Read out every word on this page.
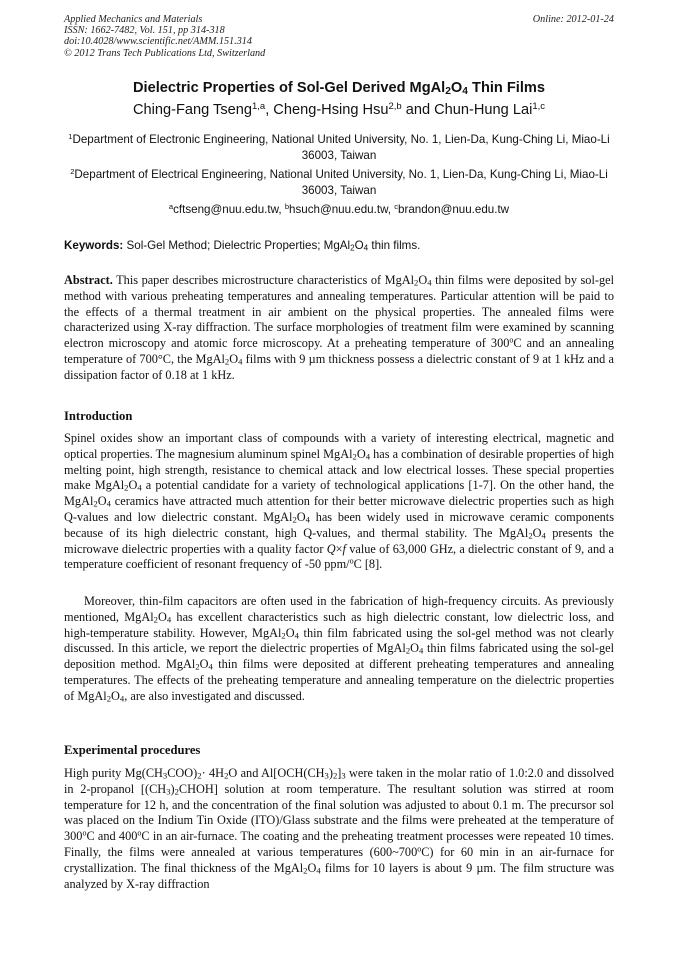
Applied Mechanics and Materials
ISSN: 1662-7482, Vol. 151, pp 314-318
doi:10.4028/www.scientific.net/AMM.151.314
© 2012 Trans Tech Publications Ltd, Switzerland
Online: 2012-01-24
Dielectric Properties of Sol-Gel Derived $MgAl_2O_4$ Thin Films
Ching-Fang Tseng$^{1,a}$, Cheng-Hsing Hsu$^{2,b}$ and Chun-Hung Lai$^{1,c}$
$^1$Department of Electronic Engineering, National United University, No. 1, Lien-Da, Kung-Ching Li, Miao-Li 36003, Taiwan
$^2$Department of Electrical Engineering, National United University, No. 1, Lien-Da, Kung-Ching Li, Miao-Li 36003, Taiwan
$^a$cftseng@nuu.edu.tw, $^b$hsuch@nuu.edu.tw, $^c$brandon@nuu.edu.tw
Keywords: Sol-Gel Method; Dielectric Properties; $MgAl_2O_4$ thin films.
Abstract. This paper describes microstructure characteristics of $MgAl_2O_4$ thin films were deposited by sol-gel method with various preheating temperatures and annealing temperatures. Particular attention will be paid to the effects of a thermal treatment in air ambient on the physical properties. The annealed films were characterized using X-ray diffraction. The surface morphologies of treatment film were examined by scanning electron microscopy and atomic force microscopy. At a preheating temperature of 300$^o$C and an annealing temperature of 700°C, the $MgAl_2O_4$ films with 9 µm thickness possess a dielectric constant of 9 at 1 kHz and a dissipation factor of 0.18 at 1 kHz.
Introduction
Spinel oxides show an important class of compounds with a variety of interesting electrical, magnetic and optical properties. The magnesium aluminum spinel $MgAl_2O_4$ has a combination of desirable properties of high melting point, high strength, resistance to chemical attack and low electrical losses. These special properties make $MgAl_2O_4$ a potential candidate for a variety of technological applications [1-7]. On the other hand, the $MgAl_2O_4$ ceramics have attracted much attention for their better microwave dielectric properties such as high Q-values and low dielectric constant. $MgAl_2O_4$ has been widely used in microwave ceramic components because of its high dielectric constant, high Q-values, and thermal stability. The $MgAl_2O_4$ presents the microwave dielectric properties with a quality factor Q×f value of 63,000 GHz, a dielectric constant of 9, and a temperature coefficient of resonant frequency of -50 ppm/$^o$C [8].
Moreover, thin-film capacitors are often used in the fabrication of high-frequency circuits. As previously mentioned, $MgAl_2O_4$ has excellent characteristics such as high dielectric constant, low dielectric loss, and high-temperature stability. However, $MgAl_2O_4$ thin film fabricated using the sol-gel method was not clearly discussed. In this article, we report the dielectric properties of $MgAl_2O_4$ thin films fabricated using the sol-gel deposition method. $MgAl_2O_4$ thin films were deposited at different preheating temperatures and annealing temperatures. The effects of the preheating temperature and annealing temperature on the dielectric properties of $MgAl_2O_4$, are also investigated and discussed.
Experimental procedures
High purity $Mg(CH_3COO)_2\cdot 4H_2O$ and $Al[OCH(CH_3)_2]_3$ were taken in the molar ratio of 1.0:2.0 and dissolved in 2-propanol $[(CH_3)_2CHOH]$ solution at room temperature. The resultant solution was stirred at room temperature for 12 h, and the concentration of the final solution was adjusted to about 0.1 m. The precursor sol was placed on the Indium Tin Oxide (ITO)/Glass substrate and the films were preheated at the temperature of 300$^o$C and 400$^o$C in an air-furnace. The coating and the preheating treatment processes were repeated 10 times. Finally, the films were annealed at various temperatures (600~700$^o$C) for 60 min in an air-furnace for crystallization. The final thickness of the $MgAl_2O_4$ films for 10 layers is about 9 µm. The film structure was analyzed by X-ray diffraction
